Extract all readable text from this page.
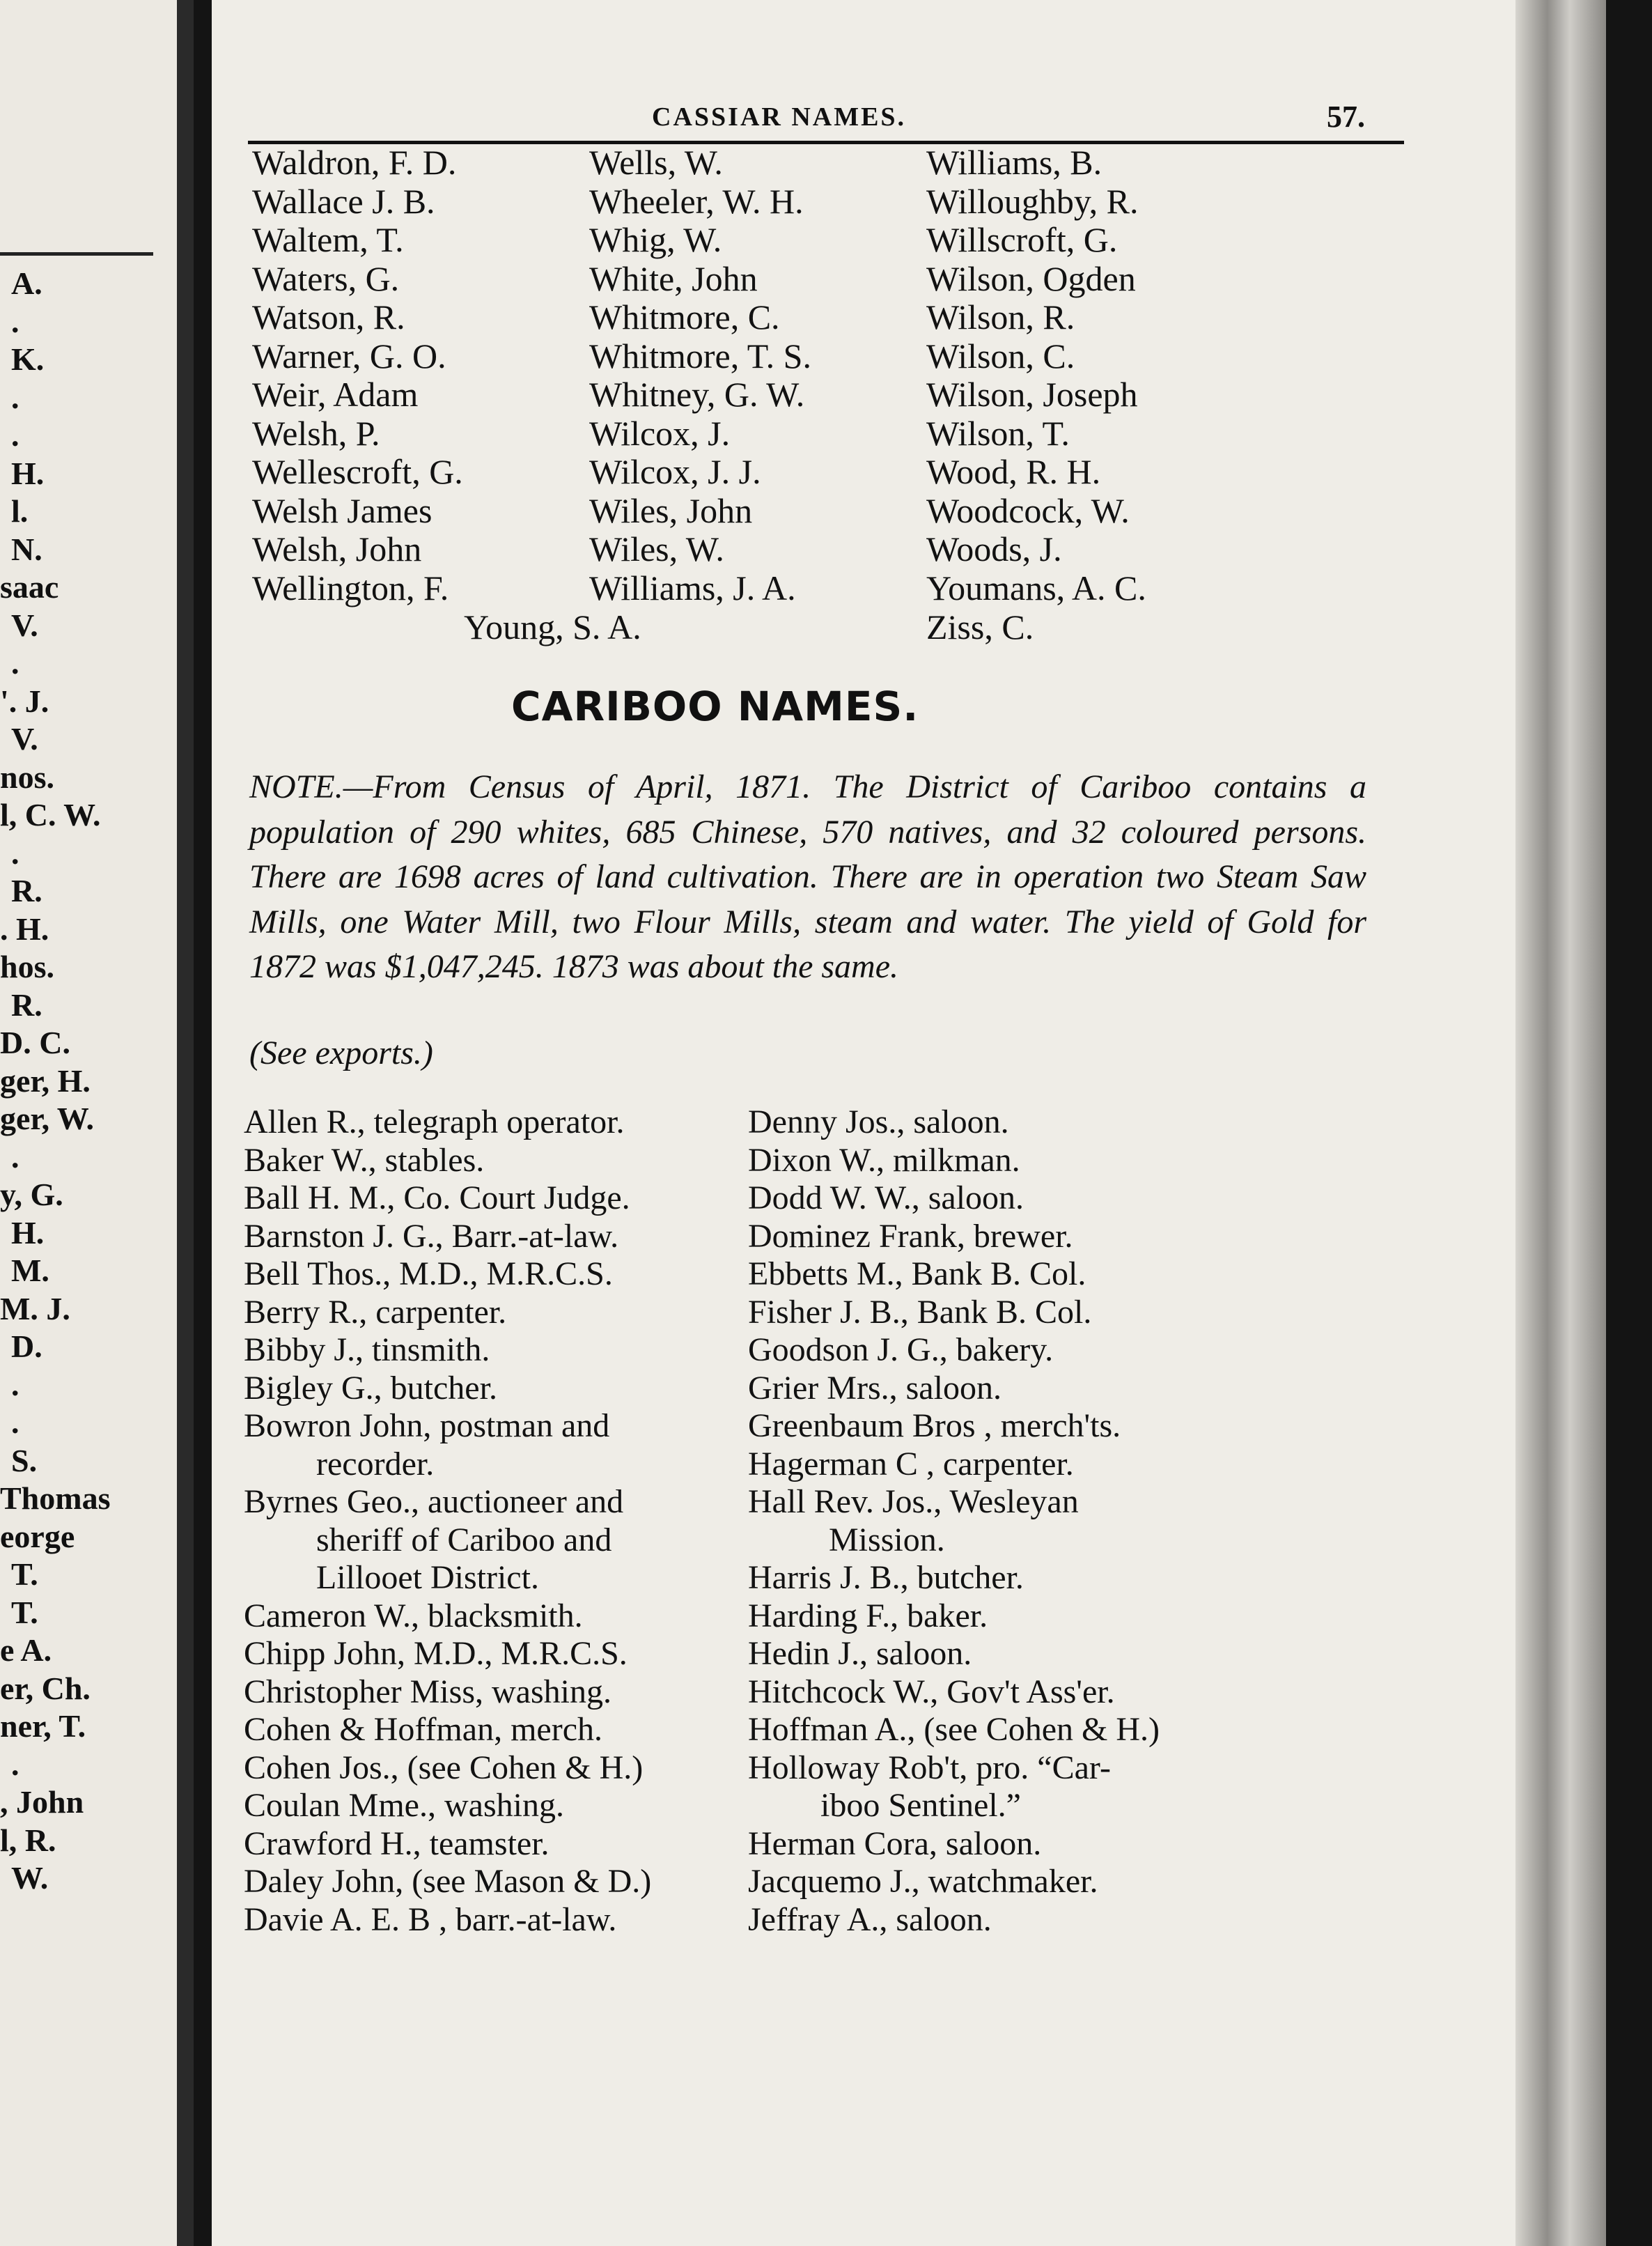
A.
.
K.
.
.
H.
l.
N.
saac
V.
.
'. J.
V.
nos.
l, C. W.
.
R.
. H.
hos.
R.
D. C.
ger, H.
ger, W.
.
y, G.
H.
M.
M. J.
D.
.
.
S.
Thomas
eorge
T.
T.
e A.
er, Ch.
ner, T.
.
, John
l, R.
W.
CASSIAR NAMES.	57.
Waldron, F. D.
Wallace J. B.
Waltem, T.
Waters, G.
Watson, R.
Warner, G. O.
Weir, Adam
Welsh, P.
Wellescroft, G.
Welsh James
Welsh, John
Wellington, F.
Wells, W.
Wheeler, W. H.
Whig, W.
White, John
Whitmore, C.
Whitmore, T. S.
Whitney, G. W.
Wilcox, J.
Wilcox, J. J.
Wiles, John
Wiles, W.
Williams, J. A.
Williams, B.
Willoughby, R.
Willscroft, G.
Wilson, Ogden
Wilson, R.
Wilson, C.
Wilson, Joseph
Wilson, T.
Wood, R. H.
Woodcock, W.
Woods, J.
Youmans, A. C.
Young, S. A.	Ziss, C.
CARIBOO NAMES.
NOTE.—From Census of April, 1871. The District of Cariboo contains a population of 290 whites, 685 Chinese, 570 natives, and 32 coloured persons. There are 1698 acres of land cultivation. There are in operation two Steam Saw Mills, one Water Mill, two Flour Mills, steam and water. The yield of Gold for 1872 was $1,047,245. 1873 was about the same.
(See exports.)
Allen R., telegraph operator.
Baker W., stables.
Ball H. M., Co. Court Judge.
Barnston J. G., Barr.-at-law.
Bell Thos., M.D., M.R.C.S.
Berry R., carpenter.
Bibby J., tinsmith.
Bigley G., butcher.
Bowron John, postman and
recorder.
Byrnes Geo., auctioneer and
sheriff of Cariboo and
Lillooet District.
Cameron W., blacksmith.
Chipp John, M.D., M.R.C.S.
Christopher Miss, washing.
Cohen & Hoffman, merch.
Cohen Jos., (see Cohen & H.)
Coulan Mme., washing.
Crawford H., teamster.
Daley John, (see Mason & D.)
Davie A. E. B , barr.-at-law.
Denny Jos., saloon.
Dixon W., milkman.
Dodd W. W., saloon.
Dominez Frank, brewer.
Ebbetts M., Bank B. Col.
Fisher J. B., Bank B. Col.
Goodson J. G., bakery.
Grier Mrs., saloon.
Greenbaum Bros , merch'ts.
Hagerman C , carpenter.
Hall Rev. Jos., Wesleyan
Mission.
Harris J. B., butcher.
Harding F., baker.
Hedin J., saloon.
Hitchcock W., Gov't Ass'er.
Hoffman A., (see Cohen & H.)
Holloway Rob't, pro. “Car-
iboo Sentinel.”
Herman Cora, saloon.
Jacquemo J., watchmaker.
Jeffray A., saloon.
